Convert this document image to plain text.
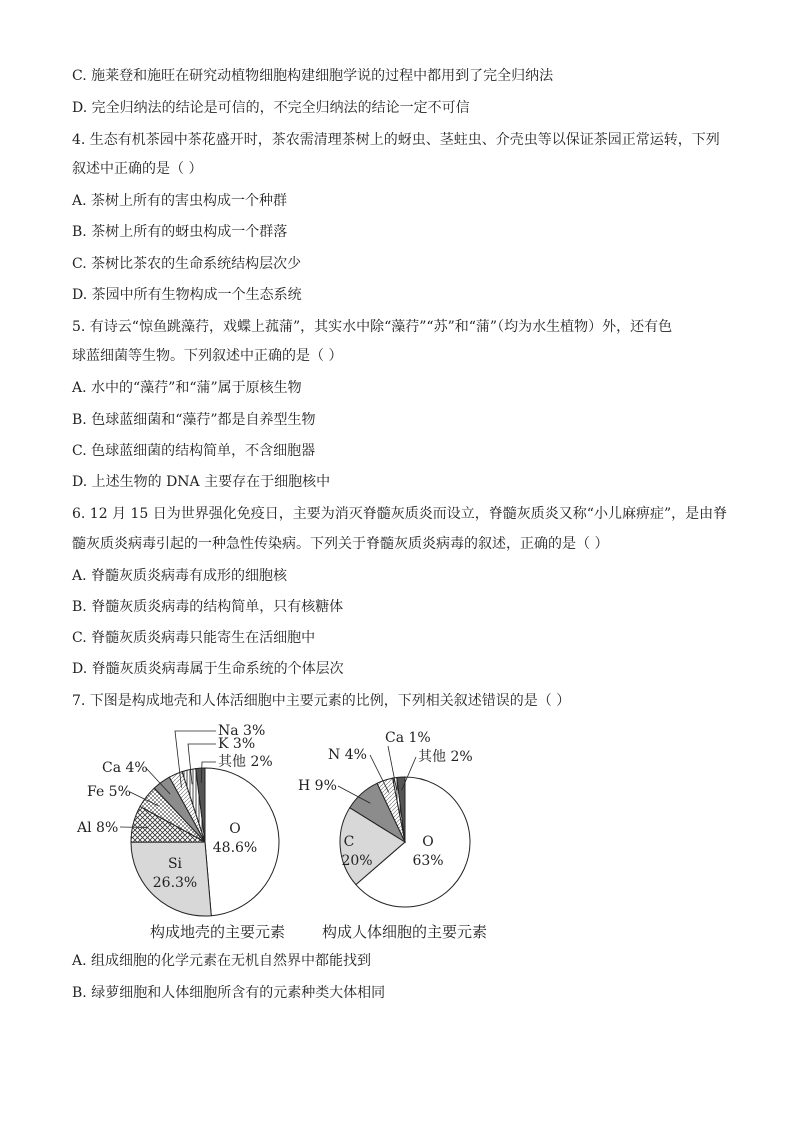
C. 施莱登和施旺在研究动植物细胞构建细胞学说的过程中都用到了完全归纳法
D. 完全归纳法的结论是可信的，不完全归纳法的结论一定不可信
4. 生态有机茶园中茶花盛开时，茶农需清理茶树上的蚜虫、茎蛀虫、介壳虫等以保证茶园正常运转，下列
叙述中正确的是（ ）
A. 茶树上所有的害虫构成一个种群
B. 茶树上所有的蚜虫构成一个群落
C. 茶树比茶农的生命系统结构层次少
D. 茶园中所有生物构成一个生态系统
5. 有诗云“惊鱼跳藻荇，戏蝶上菰蒲”，其实水中除“藻荇”“苏”和“蒲”（均为水生植物）外，还有色
球蓝细菌等生物。下列叙述中正确的是（ ）
A. 水中的“藻荇”和“蒲”属于原核生物
B. 色球蓝细菌和“藻荇”都是自养型生物
C. 色球蓝细菌的结构简单，不含细胞器
D. 上述生物的 DNA 主要存在于细胞核中
6. 12 月 15 日为世界强化免疫日，主要为消灭脊髓灰质炎而设立，脊髓灰质炎又称“小儿麻痹症”，是由脊
髓灰质炎病毒引起的一种急性传染病。下列关于脊髓灰质炎病毒的叙述，正确的是（ ）
A. 脊髓灰质炎病毒有成形的细胞核
B. 脊髓灰质炎病毒的结构简单，只有核糖体
C. 脊髓灰质炎病毒只能寄生在活细胞中
D. 脊髓灰质炎病毒属于生命系统的个体层次
7. 下图是构成地壳和人体活细胞中主要元素的比例，下列相关叙述错误的是（ ）
O
48.6%
Si
26.3%
Al 8%
Fe 5%
Ca 4%
Na 3%
K 3%
其他 2%
O
63%
C
20%
H 9%
N 4%
Ca 1%
其他 2%
构成地壳的主要元素 构成人体细胞的主要元素
A. 组成细胞的化学元素在无机自然界中都能找到
B. 绿萝细胞和人体细胞所含有的元素种类大体相同
